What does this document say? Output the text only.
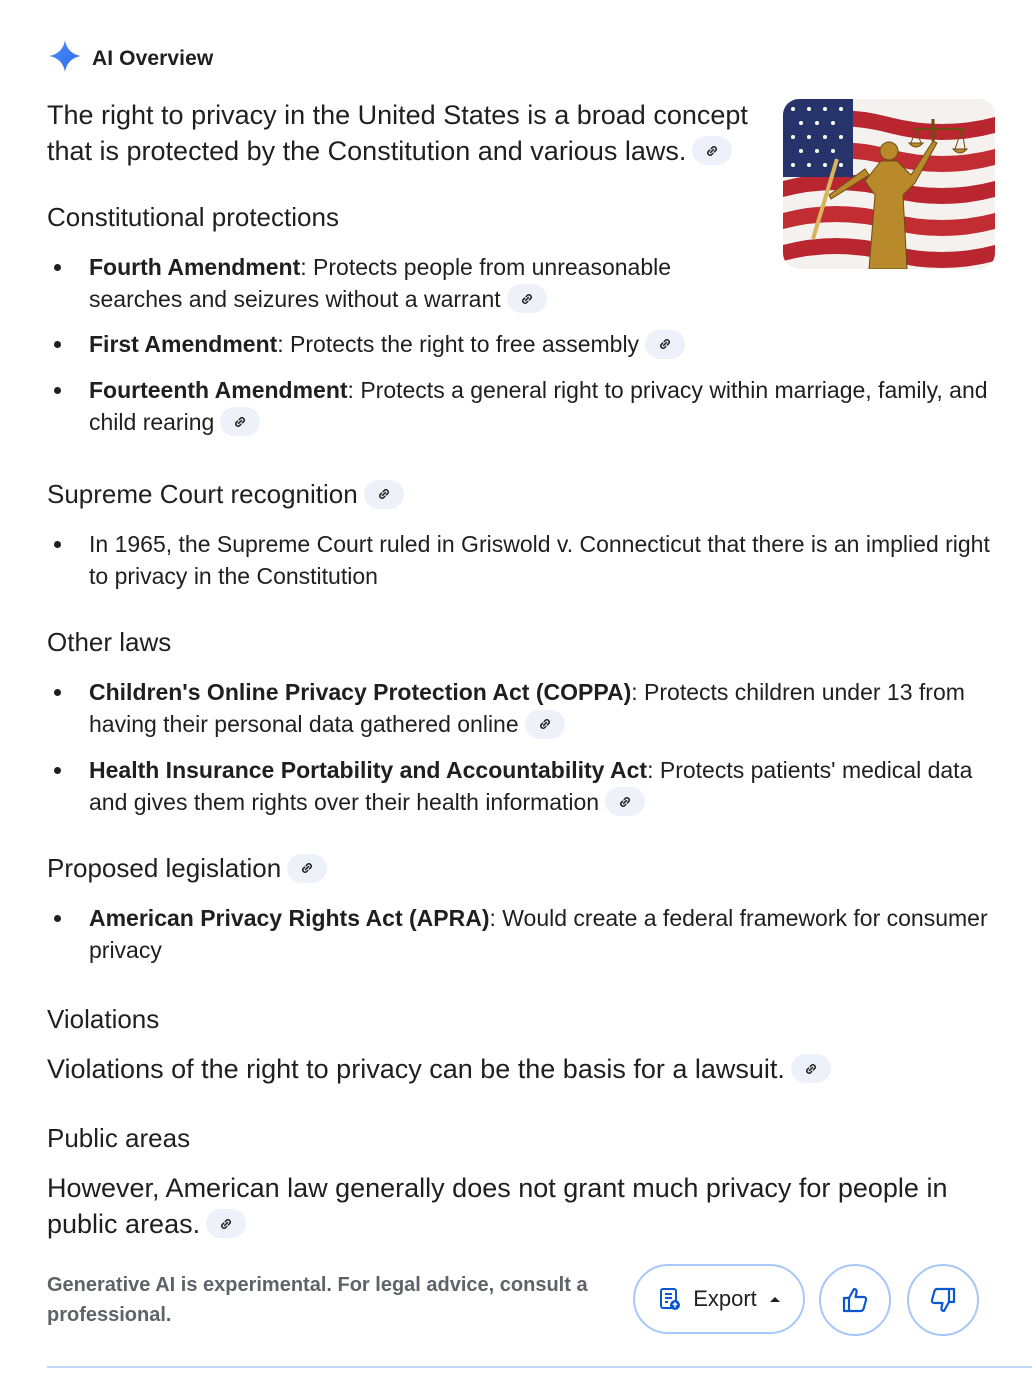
AI Overview

The right to privacy in the United States is a broad concept that is protected by the Constitution and various laws.

Constitutional protections
Fourth Amendment: Protects people from unreasonable searches and seizures without a warrant
First Amendment: Protects the right to free assembly
Fourteenth Amendment: Protects a general right to privacy within marriage, family, and child rearing
Supreme Court recognition
In 1965, the Supreme Court ruled in Griswold v. Connecticut that there is an implied right to privacy in the Constitution
Other laws
Children's Online Privacy Protection Act (COPPA): Protects children under 13 from having their personal data gathered online
Health Insurance Portability and Accountability Act: Protects patients' medical data and gives them rights over their health information
Proposed legislation
American Privacy Rights Act (APRA): Would create a federal framework for consumer privacy
Violations

Violations of the right to privacy can be the basis for a lawsuit.

Public areas

However, American law generally does not grant much privacy for people in public areas.

Generative AI is experimental. For legal advice, consult a professional.
Export
